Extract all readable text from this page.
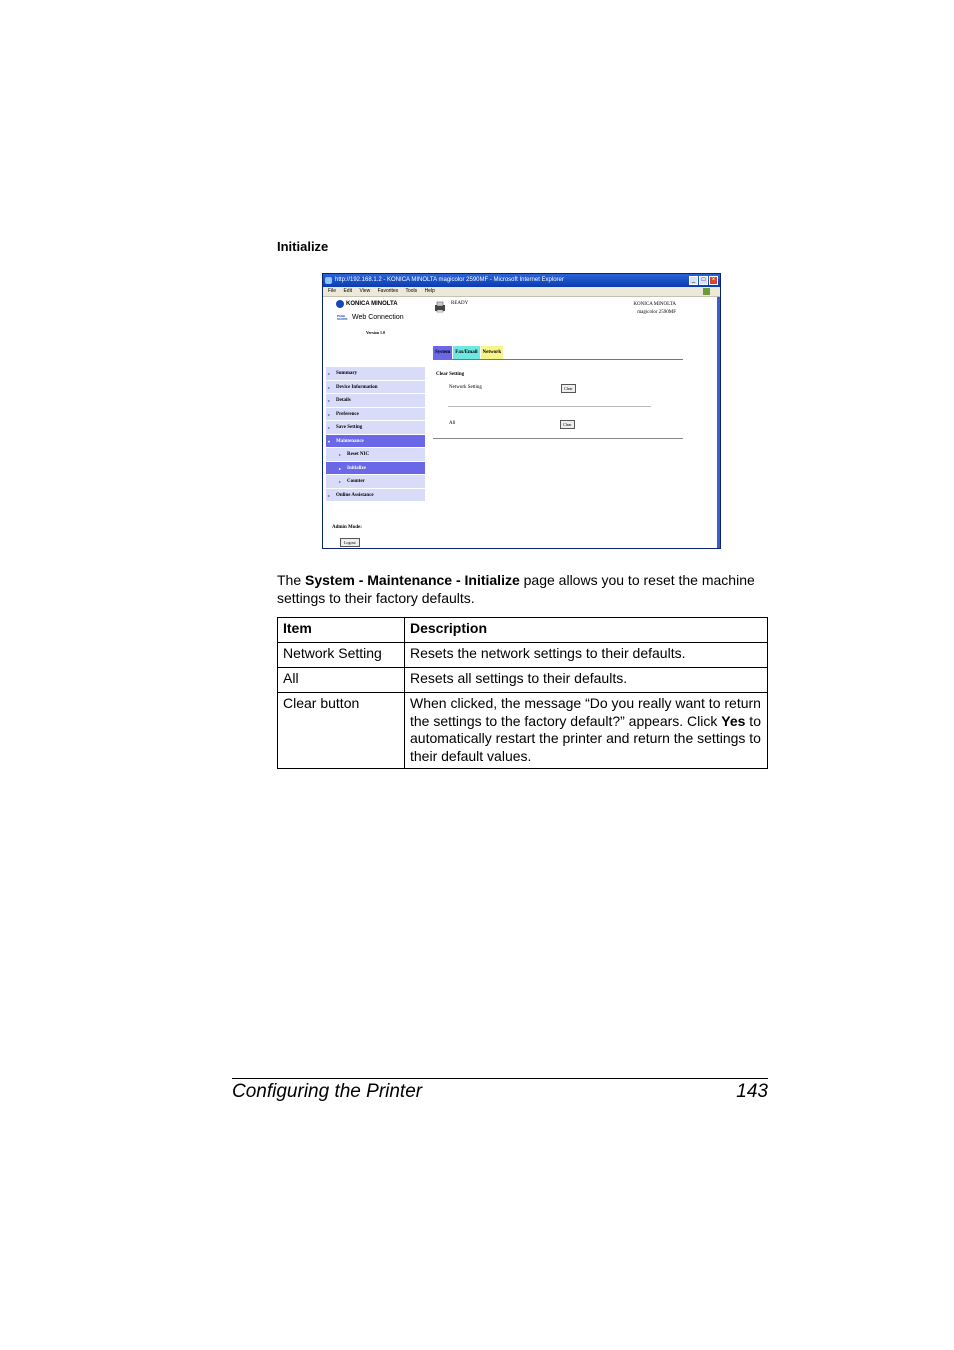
Initialize
http://192.168.1.2 - KONICA MINOLTA magicolor 2590MF - Microsoft Internet Explorer	_	□	×
File Edit View Favorites Tools Help
KONICA MINOLTA
PAGE SCOPE Web Connection
Version 1.0
▸ Summary
▸ Device Information
▸ Details
▸ Preference
▸ Save Setting
▾ Maintenance
▸ Reset NIC
▸ Initialize
▸ Counter
▸ Online Assistance
Admin Mode:
Logout
READY	KONICA MINOLTA
magicolor 2590MF
System	Fax/Email	Network
Clear Setting
Network Setting	Clear
All	Clear

The System - Maintenance - Initialize page allows you to reset the machine settings to their factory defaults.

Item	Description
Network Setting	Resets the network settings to their defaults.
All	Resets all settings to their defaults.
Clear button	When clicked, the message “Do you really want to return the settings to the factory default?” appears. Click Yes to automatically restart the printer and return the settings to their default values.
Configuring the Printer	143
